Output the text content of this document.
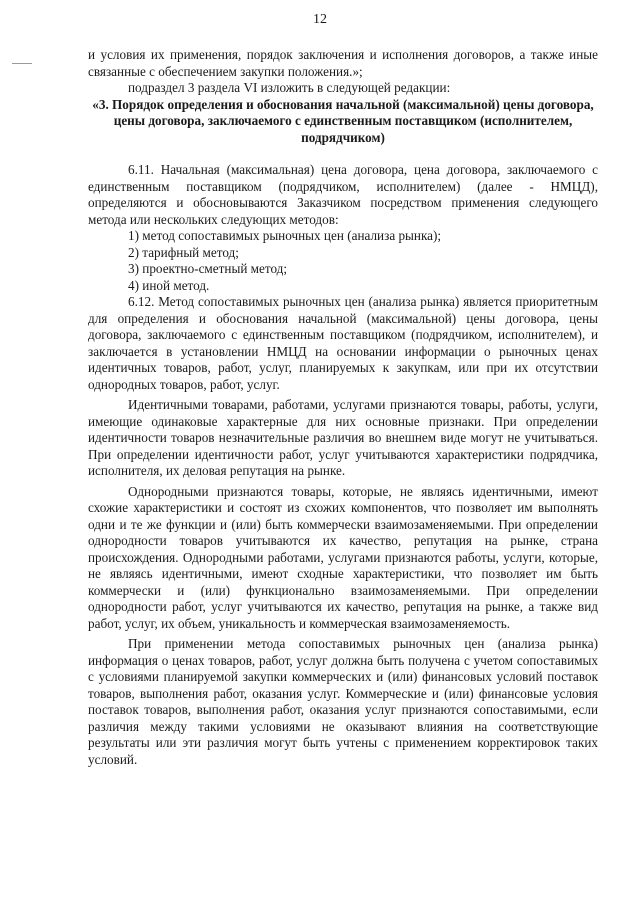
12

и условия их применения, порядок заключения и исполнения договоров, а также иные связанные с обеспечением закупки положения.»;

подраздел 3 раздела VI изложить в следующей редакции:

«3. Порядок определения и обоснования начальной (максимальной) цены договора, цены договора, заключаемого с единственным поставщиком (исполнителем, подрядчиком)

6.11. Начальная (максимальная) цена договора, цена договора, заключаемого с единственным поставщиком (подрядчиком, исполнителем) (далее - НМЦД), определяются и обосновываются Заказчиком посредством применения следующего метода или нескольких следующих методов:

1) метод сопоставимых рыночных цен (анализа рынка);

2) тарифный метод;

3) проектно-сметный метод;

4) иной метод.

6.12. Метод сопоставимых рыночных цен (анализа рынка) является приоритетным для определения и обоснования начальной (максимальной) цены договора, цены договора, заключаемого с единственным поставщиком (подрядчиком, исполнителем), и заключается в установлении НМЦД на основании информации о рыночных ценах идентичных товаров, работ, услуг, планируемых к закупкам, или при их отсутствии однородных товаров, работ, услуг.

Идентичными товарами, работами, услугами признаются товары, работы, услуги, имеющие одинаковые характерные для них основные признаки. При определении идентичности товаров незначительные различия во внешнем виде могут не учитываться. При определении идентичности работ, услуг учитываются характеристики подрядчика, исполнителя, их деловая репутация на рынке.

Однородными признаются товары, которые, не являясь идентичными, имеют схожие характеристики и состоят из схожих компонентов, что позволяет им выполнять одни и те же функции и (или) быть коммерчески взаимозаменяемыми. При определении однородности товаров учитываются их качество, репутация на рынке, страна происхождения. Однородными работами, услугами признаются работы, услуги, которые, не являясь идентичными, имеют сходные характеристики, что позволяет им быть коммерчески и (или) функционально взаимозаменяемыми. При определении однородности работ, услуг учитываются их качество, репутация на рынке, а также вид работ, услуг, их объем, уникальность и коммерческая взаимозаменяемость.

При применении метода сопоставимых рыночных цен (анализа рынка) информация о ценах товаров, работ, услуг должна быть получена с учетом сопоставимых с условиями планируемой закупки коммерческих и (или) финансовых условий поставок товаров, выполнения работ, оказания услуг. Коммерческие и (или) финансовые условия поставок товаров, выполнения работ, оказания услуг признаются сопоставимыми, если различия между такими условиями не оказывают влияния на соответствующие результаты или эти различия могут быть учтены с применением корректировок таких условий.
